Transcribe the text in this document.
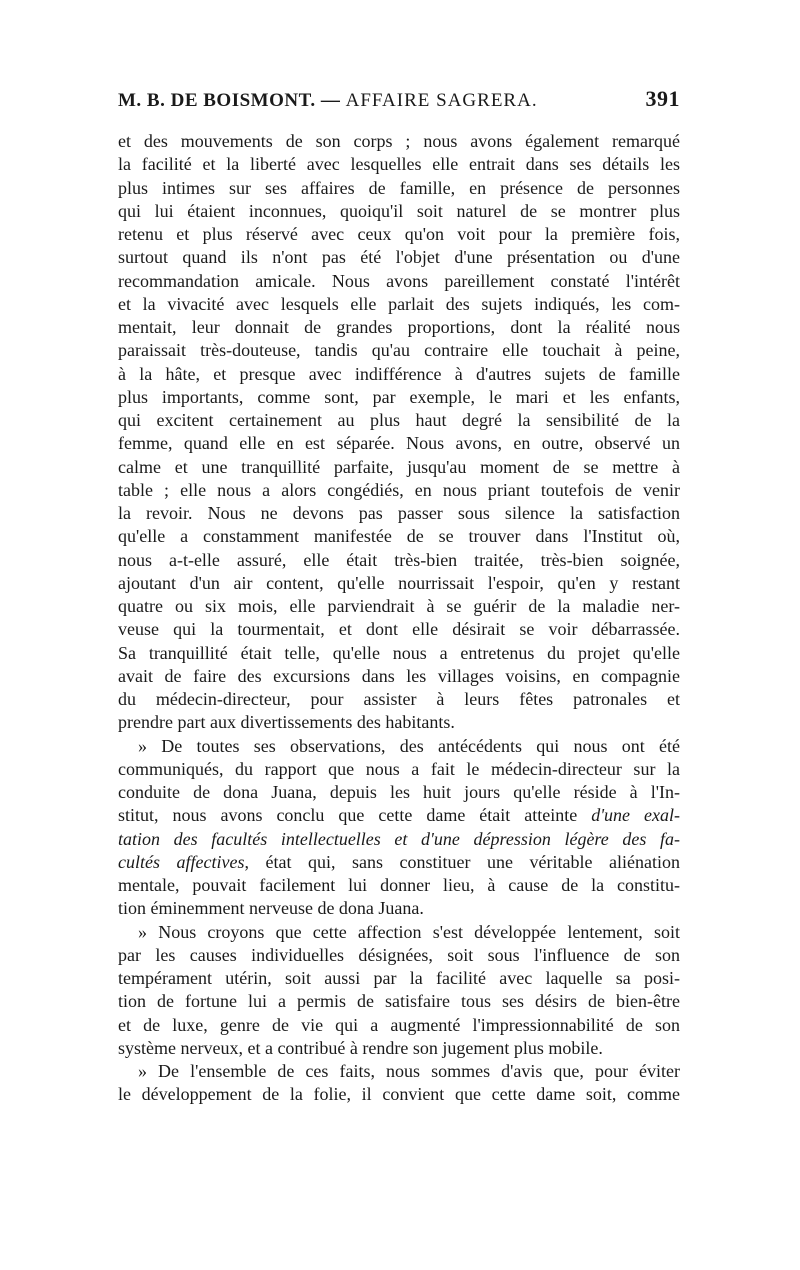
M. B. DE BOISMONT. — AFFAIRE SAGRERA.	391
et des mouvements de son corps ; nous avons également remarqué
la facilité et la liberté avec lesquelles elle entrait dans ses détails les
plus intimes sur ses affaires de famille, en présence de personnes
qui lui étaient inconnues, quoiqu'il soit naturel de se montrer plus
retenu et plus réservé avec ceux qu'on voit pour la première fois,
surtout quand ils n'ont pas été l'objet d'une présentation ou d'une
recommandation amicale. Nous avons pareillement constaté l'intérêt
et la vivacité avec lesquels elle parlait des sujets indiqués, les com-
mentait, leur donnait de grandes proportions, dont la réalité nous
paraissait très-douteuse, tandis qu'au contraire elle touchait à peine,
à la hâte, et presque avec indifférence à d'autres sujets de famille
plus importants, comme sont, par exemple, le mari et les enfants,
qui excitent certainement au plus haut degré la sensibilité de la
femme, quand elle en est séparée. Nous avons, en outre, observé un
calme et une tranquillité parfaite, jusqu'au moment de se mettre à
table ; elle nous a alors congédiés, en nous priant toutefois de venir
la revoir. Nous ne devons pas passer sous silence la satisfaction
qu'elle a constamment manifestée de se trouver dans l'Institut où,
nous a-t-elle assuré, elle était très-bien traitée, très-bien soignée,
ajoutant d'un air content, qu'elle nourrissait l'espoir, qu'en y restant
quatre ou six mois, elle parviendrait à se guérir de la maladie ner-
veuse qui la tourmentait, et dont elle désirait se voir débarrassée.
Sa tranquillité était telle, qu'elle nous a entretenus du projet qu'elle
avait de faire des excursions dans les villages voisins, en compagnie
du médecin-directeur, pour assister à leurs fêtes patronales et
prendre part aux divertissements des habitants.
» De toutes ses observations, des antécédents qui nous ont été
communiqués, du rapport que nous a fait le médecin-directeur sur la
conduite de dona Juana, depuis les huit jours qu'elle réside à l'In-
stitut, nous avons conclu que cette dame était atteinte d'une exal-
tation des facultés intellectuelles et d'une dépression légère des fa-
cultés affectives, état qui, sans constituer une véritable aliénation
mentale, pouvait facilement lui donner lieu, à cause de la constitu-
tion éminemment nerveuse de dona Juana.
» Nous croyons que cette affection s'est développée lentement, soit
par les causes individuelles désignées, soit sous l'influence de son
tempérament utérin, soit aussi par la facilité avec laquelle sa posi-
tion de fortune lui a permis de satisfaire tous ses désirs de bien-être
et de luxe, genre de vie qui a augmenté l'impressionnabilité de son
système nerveux, et a contribué à rendre son jugement plus mobile.
» De l'ensemble de ces faits, nous sommes d'avis que, pour éviter
le développement de la folie, il convient que cette dame soit, comme
